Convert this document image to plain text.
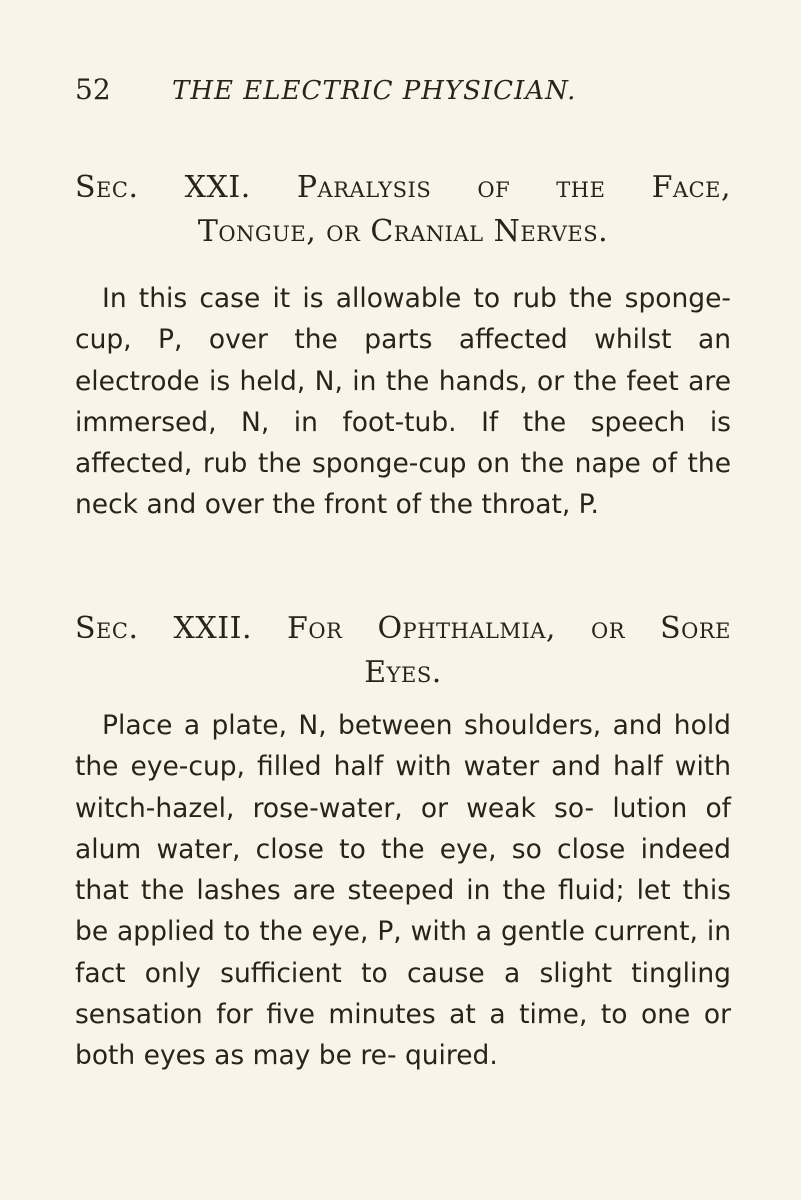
52 THE ELECTRIC PHYSICIAN.
Sec. XXI. Paralysis of the Face,
Tongue, or Cranial Nerves.
In this case it is allowable to rub the sponge-cup, P, over the parts affected whilst an electrode is held, N, in the hands, or the feet are immersed, N, in foot-tub. If the speech is affected, rub the sponge-cup on the nape of the neck and over the front of the throat, P.
Sec. XXII. For Ophthalmia, or Sore
Eyes.
Place a plate, N, between shoulders, and hold the eye-cup, filled half with water and half with witch-hazel, rose-water, or weak so- lution of alum water, close to the eye, so close indeed that the lashes are steeped in the fluid; let this be applied to the eye, P, with a gentle current, in fact only sufficient to cause a slight tingling sensation for five minutes at a time, to one or both eyes as may be re- quired.
